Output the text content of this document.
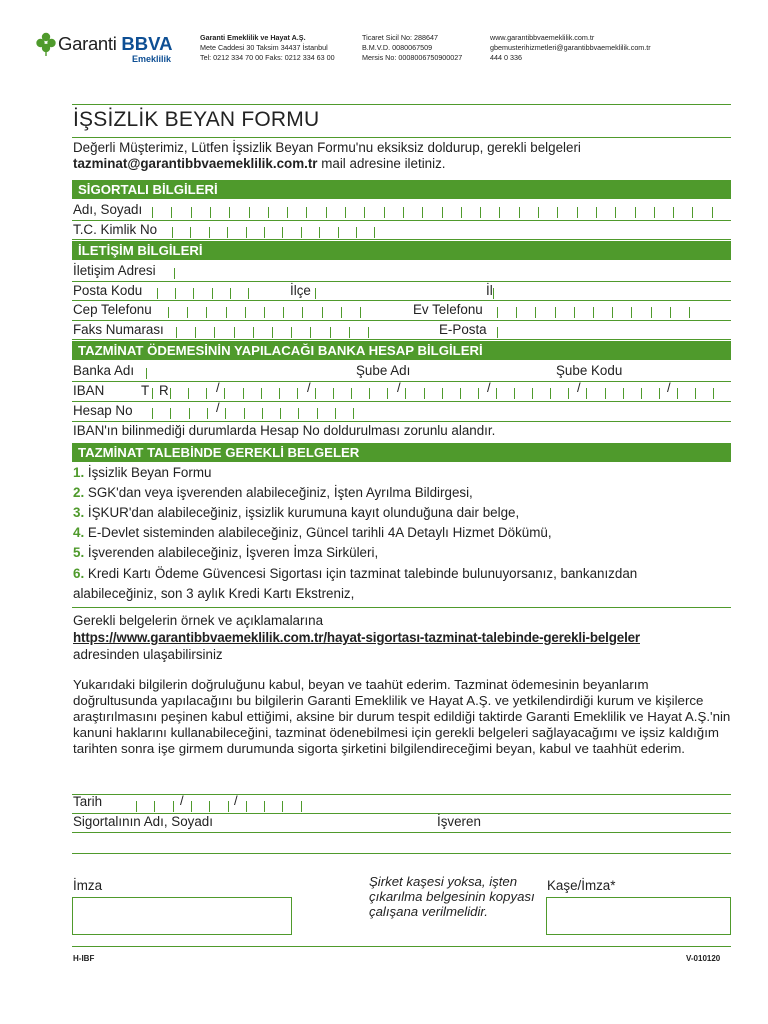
Garanti BBVA
Emeklilik
Garanti Emeklilik ve Hayat A.Ş.
Mete Caddesi 30 Taksim 34437 İstanbul
Tel: 0212 334 70 00 Faks: 0212 334 63 00
Ticaret Sicil No: 288647
B.M.V.D. 0080067509
Mersis No: 0008006750900027
www.garantibbvaemeklilik.com.tr
gbemusterihizmetleri@garantibbvaemeklilik.com.tr
444 0 336
İŞSİZLİK BEYAN FORMU
Değerli Müşterimiz, Lütfen İşsizlik Beyan Formu'nu eksiksiz doldurup, gerekli belgeleri
tazminat@garantibbvaemeklilik.com.tr mail adresine iletiniz.
SİGORTALI BİLGİLERİ
Adı, Soyadı
T.C. Kimlik No
İLETİŞİM BİLGİLERİ
İletişim Adresi
Posta Kodu	İlçe	İl
Cep Telefonu	Ev Telefonu
Faks Numarası	E-Posta
TAZMİNAT ÖDEMESİNİN YAPILACAĞI BANKA HESAP BİLGİLERİ
Banka Adı	Şube Adı	Şube Kodu
IBAN	T R	/	/	/	/	/	/
Hesap No	/
IBAN'ın bilinmediği durumlarda Hesap No doldurulması zorunlu alandır.
TAZMİNAT TALEBİNDE GEREKLİ BELGELER
1. İşsizlik Beyan Formu
2. SGK'dan veya işverenden alabileceğiniz, İşten Ayrılma Bildirgesi,
3. İŞKUR'dan alabileceğiniz, işsizlik kurumuna kayıt olunduğuna dair belge,
4. E-Devlet sisteminden alabileceğiniz, Güncel tarihli 4A Detaylı Hizmet Dökümü,
5. İşverenden alabileceğiniz, İşveren İmza Sirküleri,
6. Kredi Kartı Ödeme Güvencesi Sigortası için tazminat talebinde bulunuyorsanız, bankanızdan
alabileceğiniz, son 3 aylık Kredi Kartı Ekstreniz,
Gerekli belgelerin örnek ve açıklamalarına
https://www.garantibbvaemeklilik.com.tr/hayat-sigortası-tazminat-talebinde-gerekli-belgeler
adresinden ulaşabilirsiniz
Yukarıdaki bilgilerin doğruluğunu kabul, beyan ve taahüt ederim. Tazminat ödemesinin beyanlarım doğrultusunda yapılacağını bu bilgilerin Garanti Emeklilik ve Hayat A.Ş. ve yetkilendirdiği kurum ve kişilerce araştırılmasını peşinen kabul ettiğimi, aksine bir durum tespit edildiği taktirde Garanti Emeklilik ve Hayat A.Ş.'nin kanuni haklarını kullanabileceğini, tazminat ödenebilmesi için gerekli belgeleri sağlayacağımı ve işsiz kaldığım tarihten sonra işe girmem durumunda sigorta şirketini bilgilendireceğimi beyan, kabul ve taahhüt ederim.
Tarih	/	/
Sigortalının Adı, Soyadı	İşveren
İmza	Şirket kaşesi yoksa, işten çıkarılma belgesinin kopyası çalışana verilmelidir.
Kaşe/İmza*
H-IBF	V-010120
